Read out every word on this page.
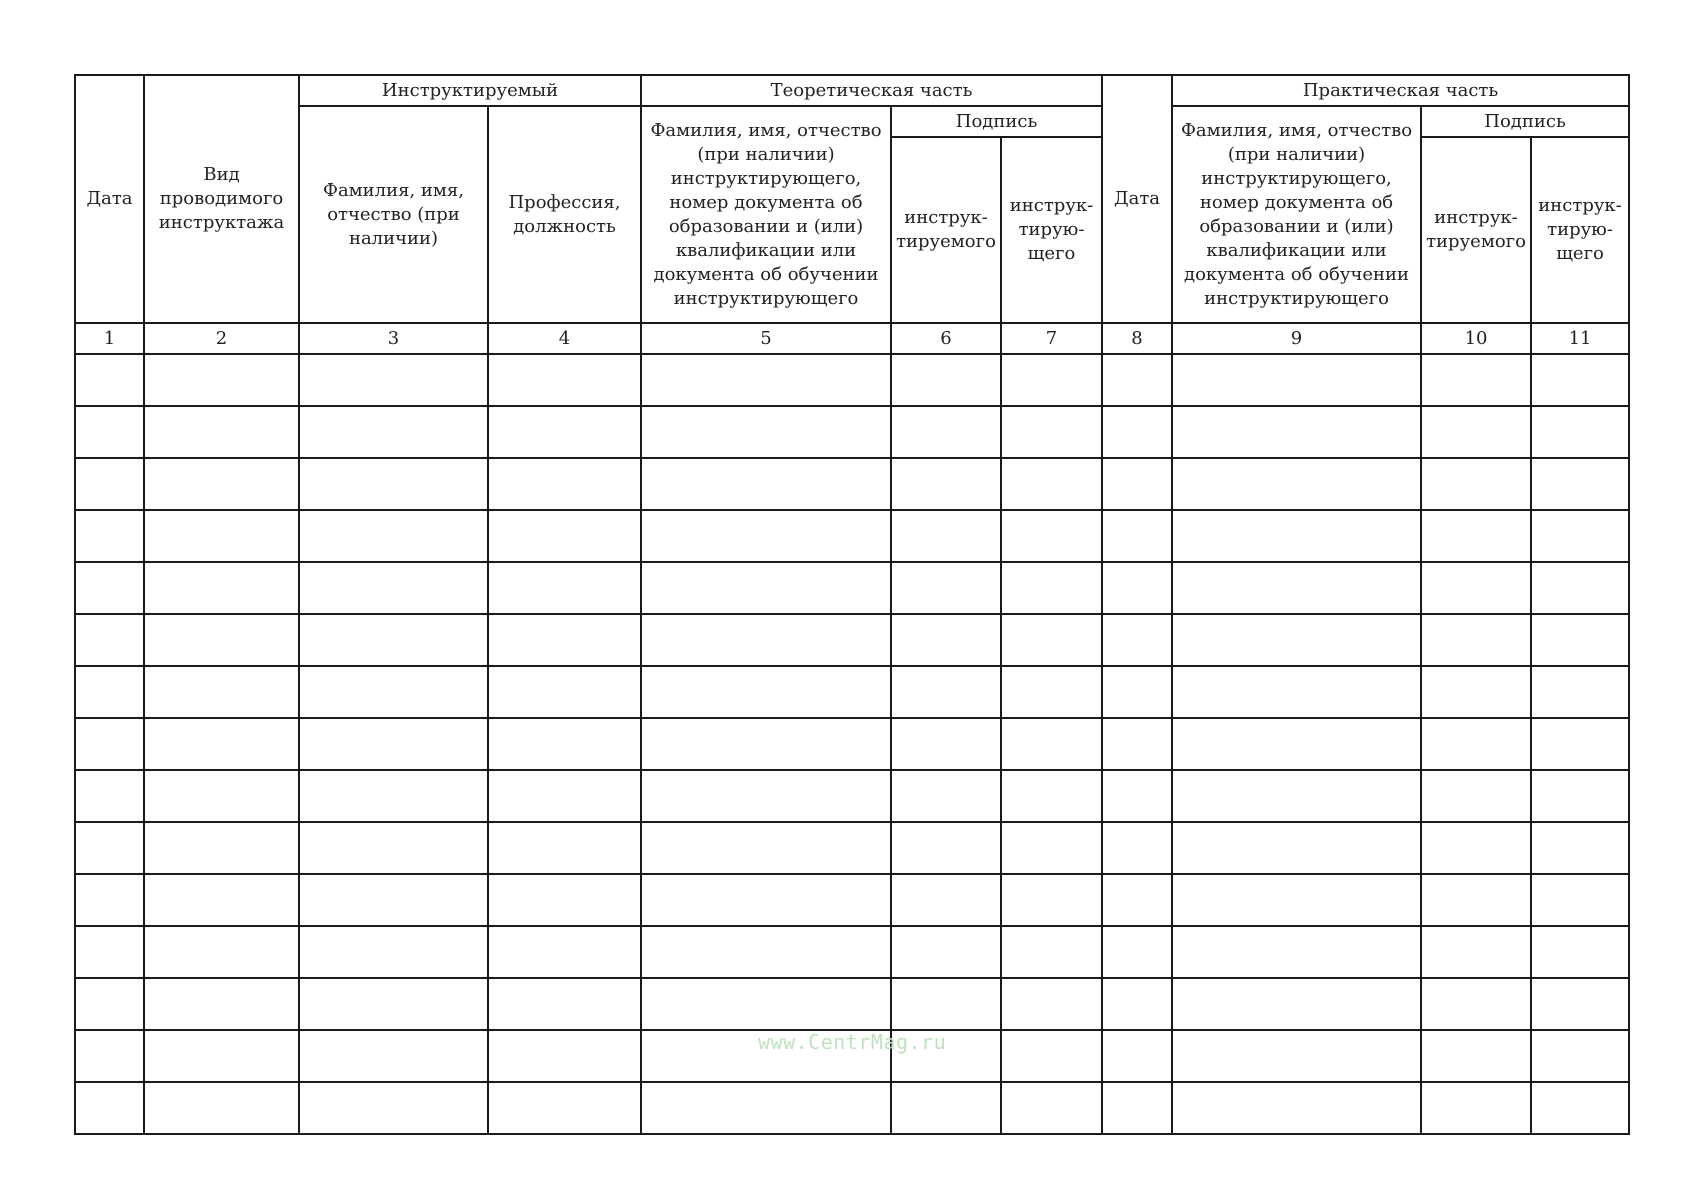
Дата	Вид проводимого инструктажа	Инструктируемый		Теоретическая часть			Дата	Практическая часть		
		Фамилия, имя, отчество (при наличии)	Профессия, должность	Фамилия, имя, отчество (при наличии) инструктирующего, номер документа об образовании и (или) квалификации или документа об обучении инструктирующего	Подпись			Фамилия, имя, отчество (при наличии) инструктирующего, номер документа об образовании и (или) квалификации или документа об обучении инструктирующего	Подпись	
					инструк-тируемого	инструк-тирую-щего			инструк-тируемого	инструк-тирую-щего
1	2	3	4	5	6	7	8	9	10	11

www.CentrMag.ru
